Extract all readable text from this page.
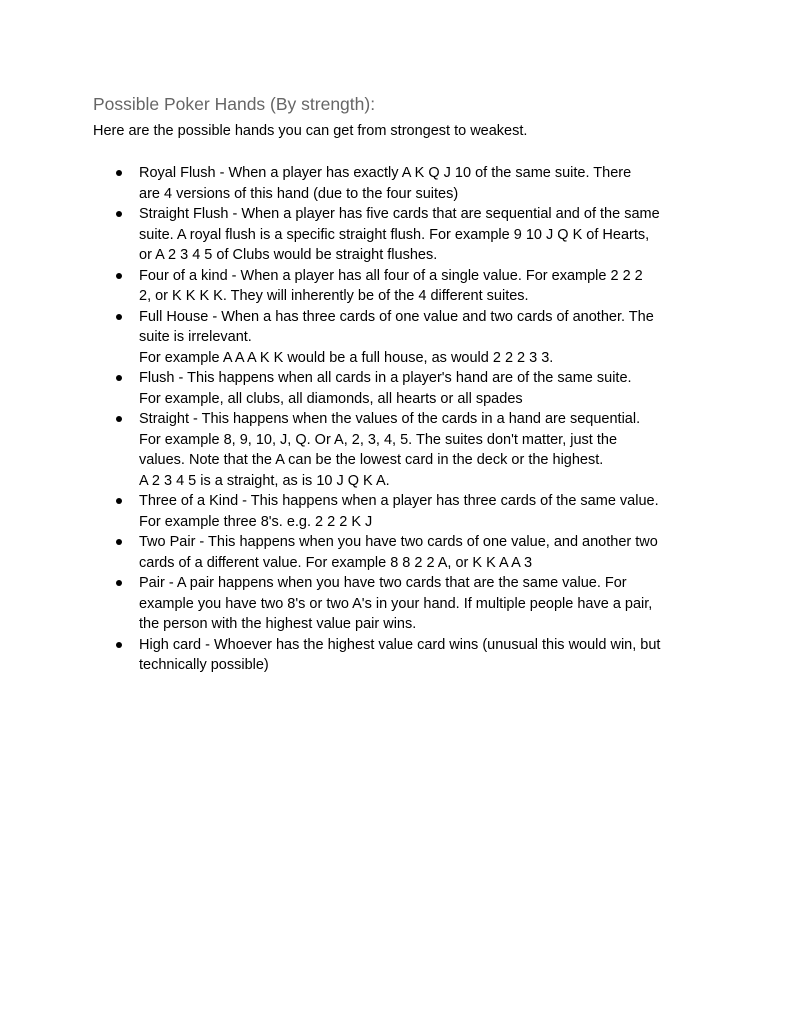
Possible Poker Hands (By strength):

Here are the possible hands you can get from strongest to weakest.

Royal Flush - When a player has exactly A K Q J 10 of the same suite. There
are 4 versions of this hand (due to the four suites)
Straight Flush - When a player has five cards that are sequential and of the same
suite. A royal flush is a specific straight flush. For example 9 10 J Q K of Hearts,
or A 2 3 4 5 of Clubs would be straight flushes.
Four of a kind - When a player has all four of a single value. For example 2 2 2
2, or K K K K. They will inherently be of the 4 different suites.
Full House - When a has three cards of one value and two cards of another. The
suite is irrelevant.
For example A A A K K would be a full house, as would 2 2 2 3 3.
Flush - This happens when all cards in a player's hand are of the same suite.
For example, all clubs, all diamonds, all hearts or all spades
Straight - This happens when the values of the cards in a hand are sequential.
For example 8, 9, 10, J, Q. Or A, 2, 3, 4, 5. The suites don't matter, just the
values. Note that the A can be the lowest card in the deck or the highest.
A 2 3 4 5 is a straight, as is 10 J Q K A.
Three of a Kind - This happens when a player has three cards of the same value.
For example three 8's. e.g. 2 2 2 K J
Two Pair - This happens when you have two cards of one value, and another two
cards of a different value. For example 8 8 2 2 A, or K K A A 3
Pair - A pair happens when you have two cards that are the same value. For
example you have two 8's or two A's in your hand. If multiple people have a pair,
the person with the highest value pair wins.
High card - Whoever has the highest value card wins (unusual this would win, but
technically possible)
